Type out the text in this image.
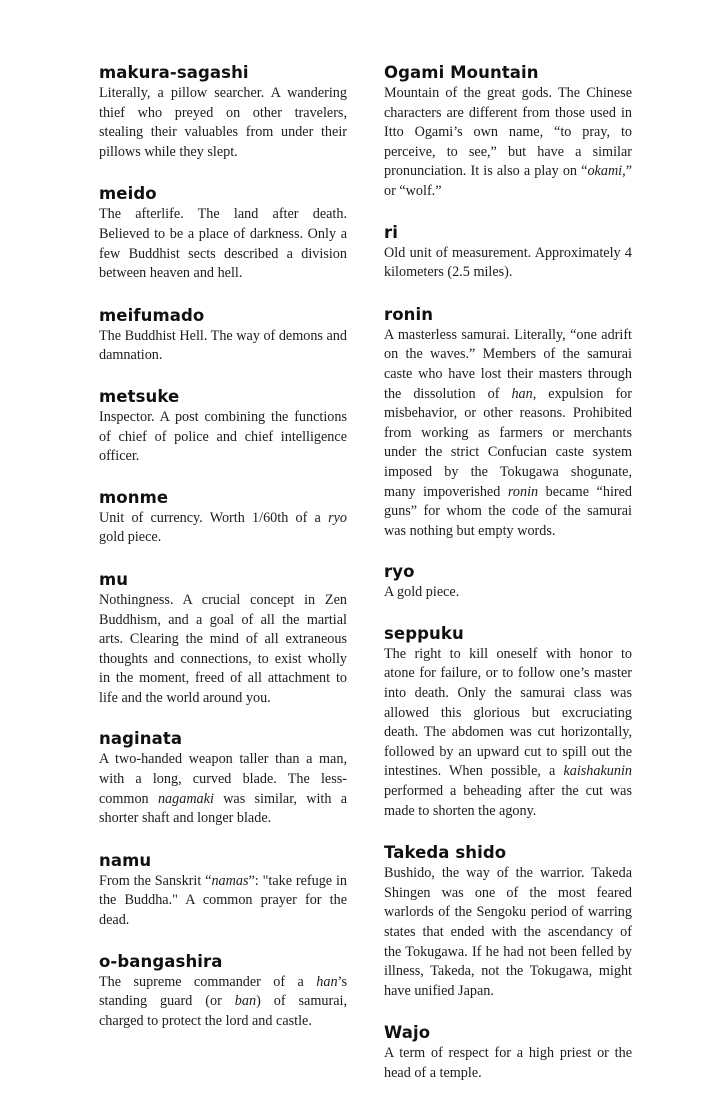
makura-sagashi

Literally, a pillow searcher. A wandering thief who preyed on other travelers, stealing their valuables from under their pillows while they slept.

meido

The afterlife. The land after death. Believed to be a place of darkness. Only a few Buddhist sects described a division between heaven and hell.

meifumado

The Buddhist Hell. The way of demons and damnation.

metsuke

Inspector. A post combining the functions of chief of police and chief intelligence officer.

monme

Unit of currency. Worth 1/60th of a ryo gold piece.

mu

Nothingness. A crucial concept in Zen Buddhism, and a goal of all the martial arts. Clearing the mind of all extraneous thoughts and connections, to exist wholly in the moment, freed of all attachment to life and the world around you.

naginata

A two-handed weapon taller than a man, with a long, curved blade. The less-common nagamaki was similar, with a shorter shaft and longer blade.

namu

From the Sanskrit “namas”: "take refuge in the Buddha." A common prayer for the dead.

o-bangashira

The supreme commander of a han’s standing guard (or ban) of samurai, charged to protect the lord and castle.

Ogami Mountain

Mountain of the great gods. The Chinese characters are different from those used in Itto Ogami’s own name, “to pray, to perceive, to see,” but have a similar pronunciation. It is also a play on “okami,” or “wolf.”

ri

Old unit of measurement. Approximately 4 kilometers (2.5 miles).

ronin

A masterless samurai. Literally, “one adrift on the waves.” Members of the samurai caste who have lost their masters through the dissolution of han, expulsion for misbehavior, or other reasons. Prohibited from working as farmers or merchants under the strict Confucian caste system imposed by the Tokugawa shogunate, many impoverished ronin became “hired guns” for whom the code of the samurai was nothing but empty words.

ryo

A gold piece.

seppuku

The right to kill oneself with honor to atone for failure, or to follow one’s master into death. Only the samurai class was allowed this glorious but excruciating death. The abdomen was cut horizontally, followed by an upward cut to spill out the intestines. When possible, a kaishakunin performed a beheading after the cut was made to shorten the agony.

Takeda shido

Bushido, the way of the warrior. Takeda Shingen was one of the most feared warlords of the Sengoku period of warring states that ended with the ascendancy of the Tokugawa. If he had not been felled by illness, Takeda, not the Tokugawa, might have unified Japan.

Wajo

A term of respect for a high priest or the head of a temple.
